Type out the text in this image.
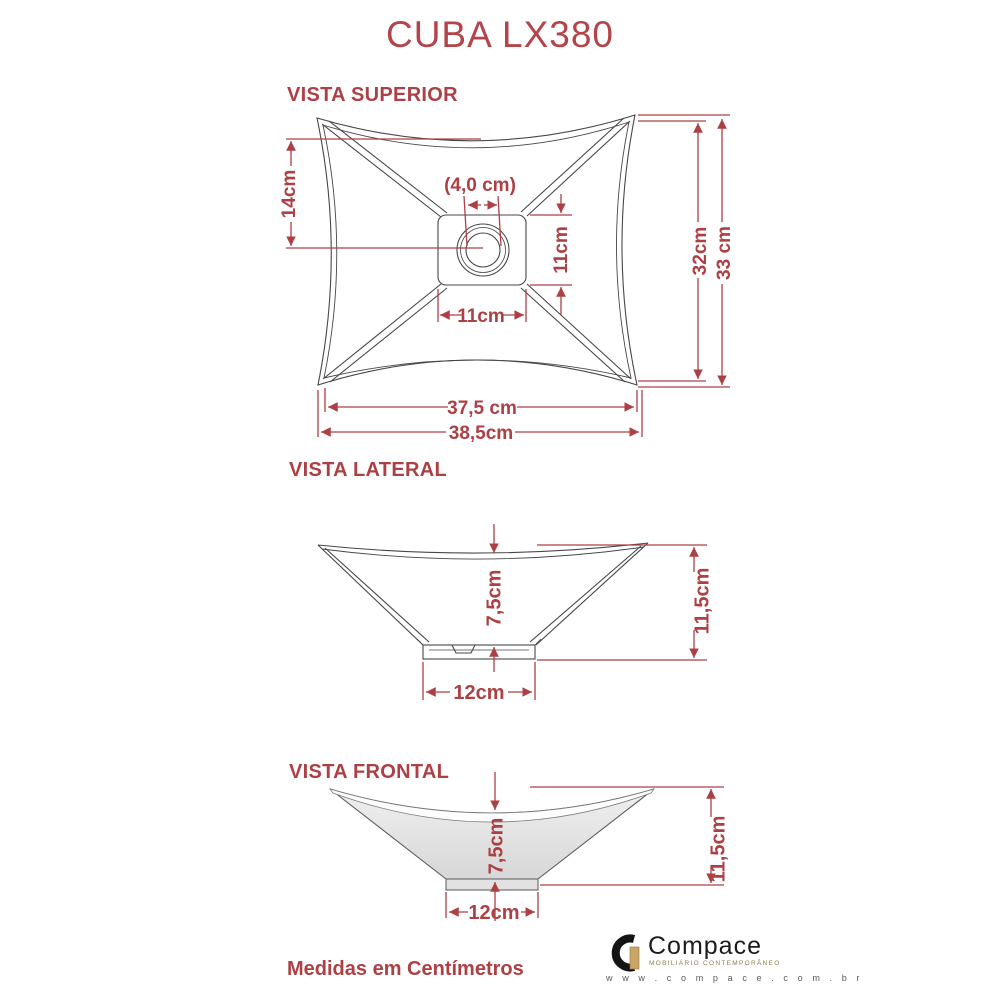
CUBA LX380
VISTA SUPERIOR
VISTA LATERAL
VISTA FRONTAL
Medidas em Centímetros
14cm	(4,0 cm)
32cm 33 cm
11cm
11cm
37,5 cm
38,5cm
7,5cm	11,5cm
12cm
7,5cm	11,5cm
12cm
Compace
MOBILIÁRIO CONTEMPORÂNEO
w w w . c o m p a c e . c o m . b r
